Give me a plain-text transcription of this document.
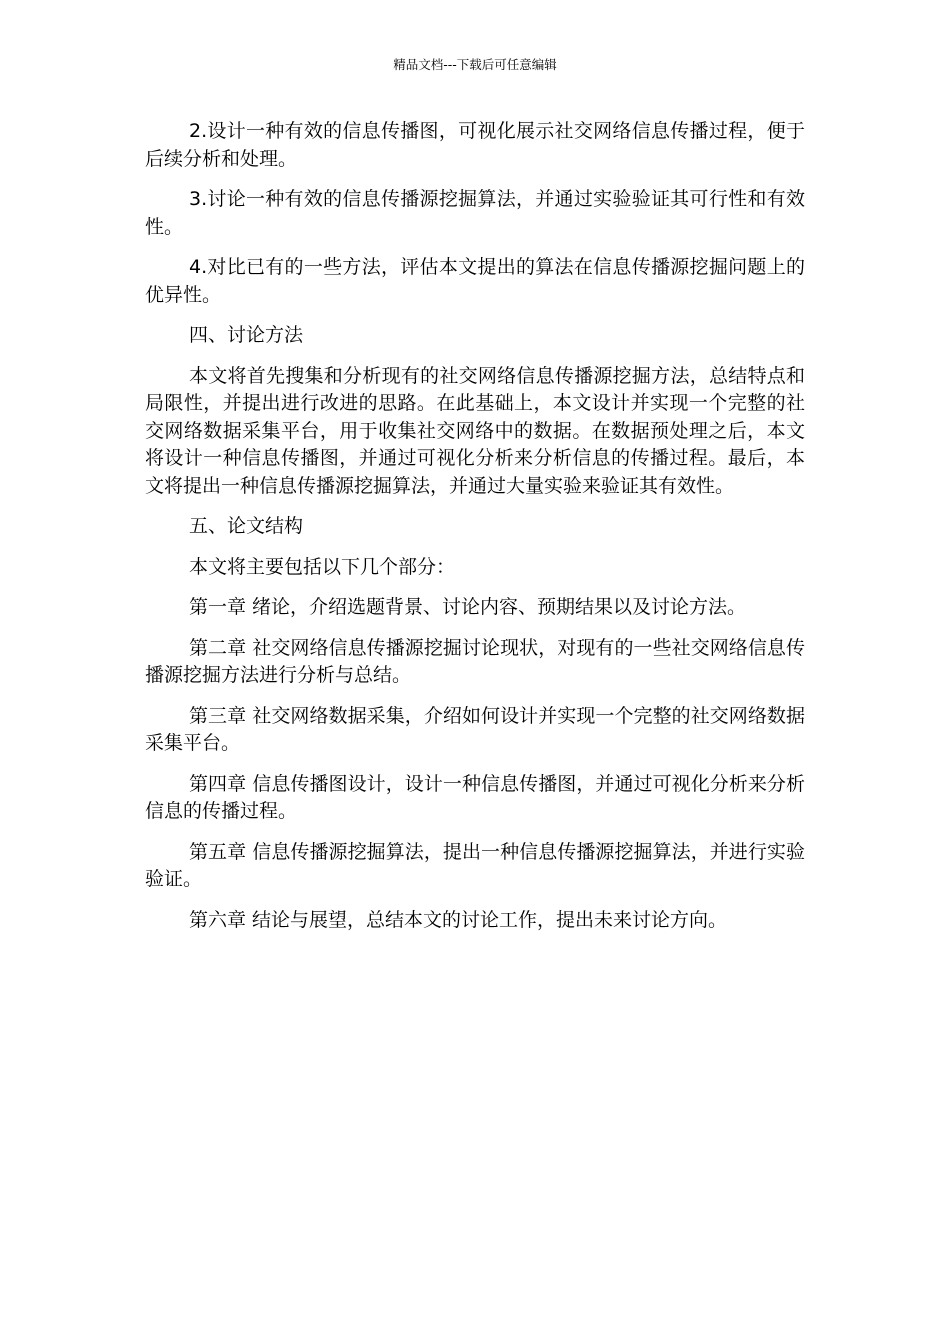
精品文档---下载后可任意编辑

2.设计一种有效的信息传播图，可视化展示社交网络信息传播过程，便于后续分析和处理。

3.讨论一种有效的信息传播源挖掘算法，并通过实验验证其可行性和有效性。

4.对比已有的一些方法，评估本文提出的算法在信息传播源挖掘问题上的优异性。

四、讨论方法

本文将首先搜集和分析现有的社交网络信息传播源挖掘方法，总结特点和局限性，并提出进行改进的思路。在此基础上，本文设计并实现一个完整的社交网络数据采集平台，用于收集社交网络中的数据。在数据预处理之后，本文将设计一种信息传播图，并通过可视化分析来分析信息的传播过程。最后，本文将提出一种信息传播源挖掘算法，并通过大量实验来验证其有效性。

五、论文结构

本文将主要包括以下几个部分：

第一章 绪论，介绍选题背景、讨论内容、预期结果以及讨论方法。

第二章 社交网络信息传播源挖掘讨论现状，对现有的一些社交网络信息传播源挖掘方法进行分析与总结。

第三章 社交网络数据采集，介绍如何设计并实现一个完整的社交网络数据采集平台。

第四章 信息传播图设计，设计一种信息传播图，并通过可视化分析来分析信息的传播过程。

第五章 信息传播源挖掘算法，提出一种信息传播源挖掘算法，并进行实验验证。

第六章 结论与展望，总结本文的讨论工作，提出未来讨论方向。
